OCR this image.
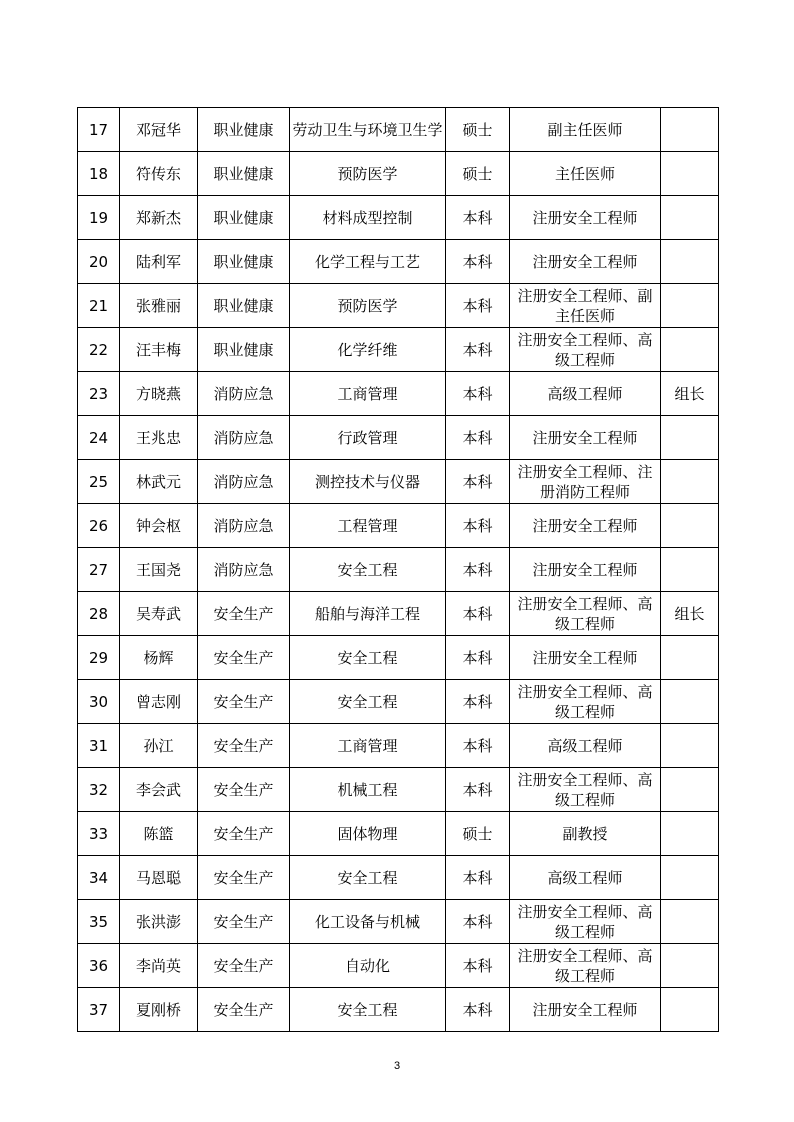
17	邓冠华	职业健康	劳动卫生与环境卫生学	硕士	副主任医师	
18	符传东	职业健康	预防医学	硕士	主任医师	
19	郑新杰	职业健康	材料成型控制	本科	注册安全工程师	
20	陆利军	职业健康	化学工程与工艺	本科	注册安全工程师	
21	张雅丽	职业健康	预防医学	本科	注册安全工程师、副主任医师	
22	汪丰梅	职业健康	化学纤维	本科	注册安全工程师、高级工程师	
23	方晓燕	消防应急	工商管理	本科	高级工程师	组长
24	王兆忠	消防应急	行政管理	本科	注册安全工程师	
25	林武元	消防应急	测控技术与仪器	本科	注册安全工程师、注册消防工程师	
26	钟会枢	消防应急	工程管理	本科	注册安全工程师	
27	王国尧	消防应急	安全工程	本科	注册安全工程师	
28	吴寿武	安全生产	船舶与海洋工程	本科	注册安全工程师、高级工程师	组长
29	杨辉	安全生产	安全工程	本科	注册安全工程师	
30	曾志刚	安全生产	安全工程	本科	注册安全工程师、高级工程师	
31	孙江	安全生产	工商管理	本科	高级工程师	
32	李会武	安全生产	机械工程	本科	注册安全工程师、高级工程师	
33	陈篮	安全生产	固体物理	硕士	副教授	
34	马恩聪	安全生产	安全工程	本科	高级工程师	
35	张洪澎	安全生产	化工设备与机械	本科	注册安全工程师、高级工程师	
36	李尚英	安全生产	自动化	本科	注册安全工程师、高级工程师	
37	夏刚桥	安全生产	安全工程	本科	注册安全工程师	
3
